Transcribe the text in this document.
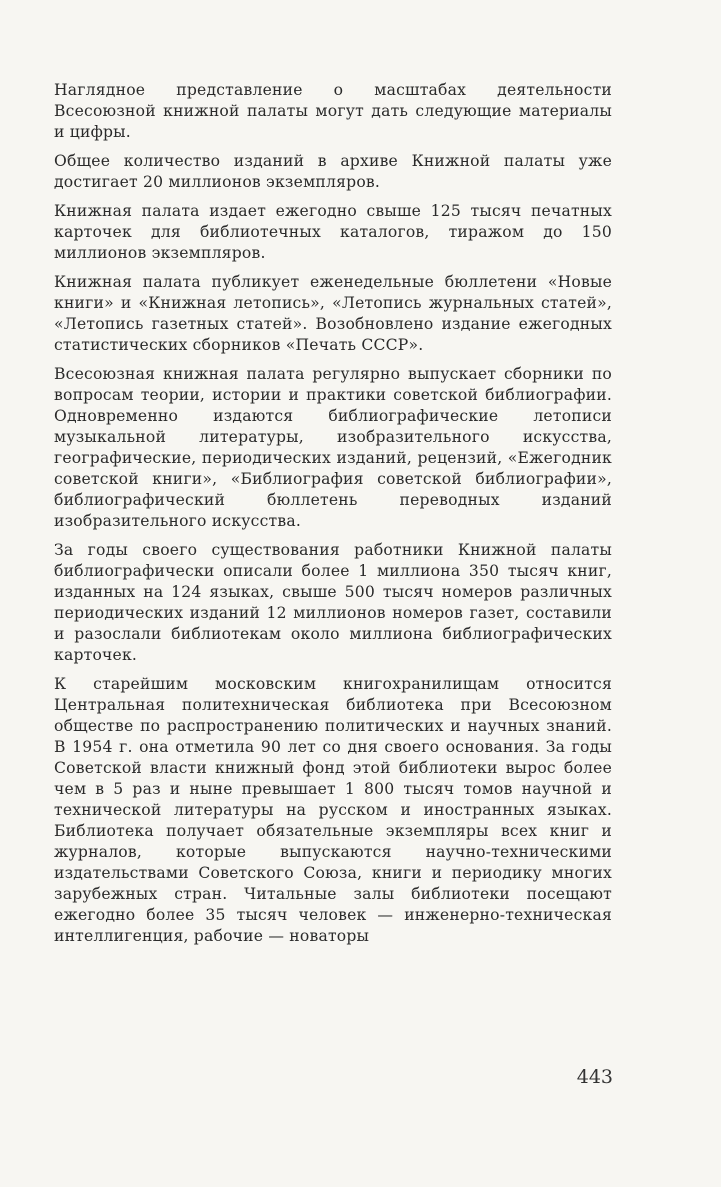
Наглядное представление о масштабах деятельности Всесоюзной книжной палаты могут дать следующие материалы и цифры.

Общее количество изданий в архиве Книжной палаты уже достигает 20 миллионов экземпляров.

Книжная палата издает ежегодно свыше 125 тысяч печатных карточек для библиотечных каталогов, тиражом до 150 миллионов экземпляров.

Книжная палата публикует еженедельные бюллетени «Новые книги» и «Книжная летопись», «Летопись журнальных статей», «Летопись газетных статей». Возобновлено издание ежегодных статистических сборников «Печать СССР».

Всесоюзная книжная палата регулярно выпускает сборники по вопросам теории, истории и практики советской библиографии. Одновременно издаются библиографические летописи музыкальной литературы, изобразительного искусства, географические, периодических изданий, рецензий, «Ежегодник советской книги», «Библиография советской библиографии», библиографический бюллетень переводных изданий изобразительного искусства.

За годы своего существования работники Книжной палаты библиографически описали более 1 миллиона 350 тысяч книг, изданных на 124 языках, свыше 500 тысяч номеров различных периодических изданий 12 миллионов номеров газет, составили и разослали библиотекам около миллиона библиографических карточек.

К старейшим московским книгохранилищам относится Центральная политехническая библиотека при Всесоюзном обществе по распространению политических и научных знаний. В 1954 г. она отметила 90 лет со дня своего основания. За годы Советской власти книжный фонд этой библиотеки вырос более чем в 5 раз и ныне превышает 1 800 тысяч томов научной и технической литературы на русском и иностранных языках. Библиотека получает обязательные экземпляры всех книг и журналов, которые выпускаются научно-техническими издательствами Советского Союза, книги и периодику многих зарубежных стран. Читальные залы библиотеки посещают ежегодно более 35 тысяч человек — инженерно-техническая интеллигенция, рабочие — новаторы

443
